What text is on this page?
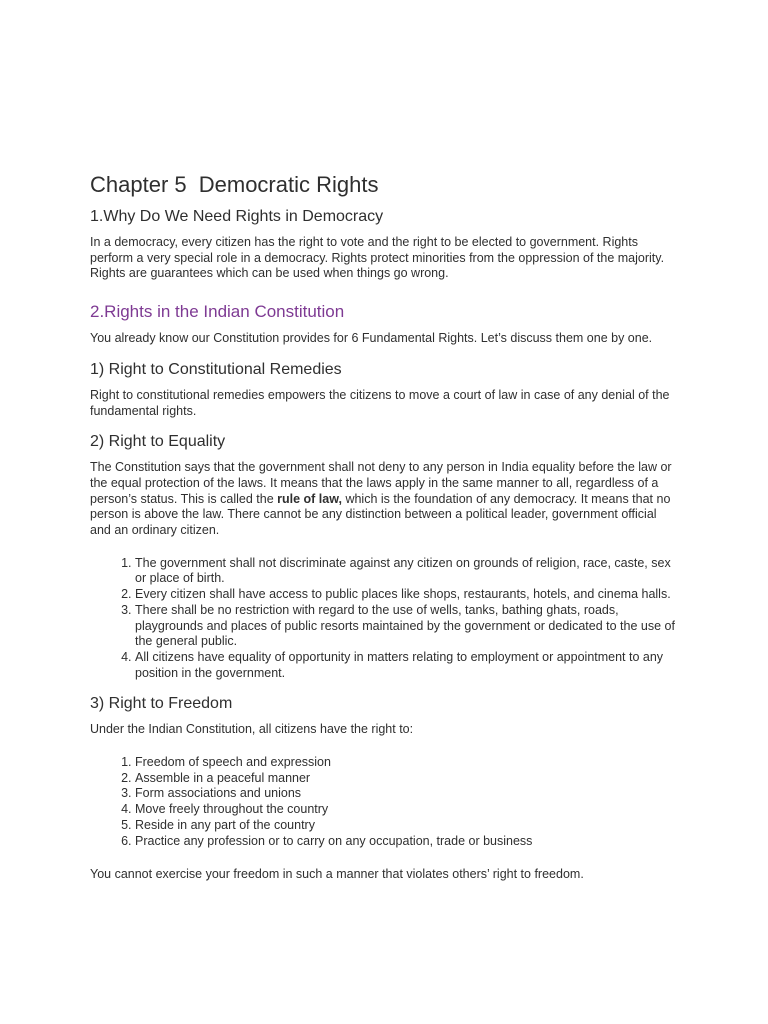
Chapter 5 Democratic Rights
1.Why Do We Need Rights in Democracy

In a democracy, every citizen has the right to vote and the right to be elected to government. Rights perform a very special role in a democracy. Rights protect minorities from the oppression of the majority. Rights are guarantees which can be used when things go wrong.

2.Rights in the Indian Constitution

You already know our Constitution provides for 6 Fundamental Rights. Let’s discuss them one by one.

1) Right to Constitutional Remedies

Right to constitutional remedies empowers the citizens to move a court of law in case of any denial of the fundamental rights.

2) Right to Equality

The Constitution says that the government shall not deny to any person in India equality before the law or the equal protection of the laws. It means that the laws apply in the same manner to all, regardless of a person’s status. This is called the rule of law, which is the foundation of any democracy. It means that no person is above the law. There cannot be any distinction between a political leader, government official and an ordinary citizen.

1. The government shall not discriminate against any citizen on grounds of religion, race, caste, sex or place of birth.
2. Every citizen shall have access to public places like shops, restaurants, hotels, and cinema halls.
3. There shall be no restriction with regard to the use of wells, tanks, bathing ghats, roads, playgrounds and places of public resorts maintained by the government or dedicated to the use of the general public.
4. All citizens have equality of opportunity in matters relating to employment or appointment to any position in the government.
3) Right to Freedom

Under the Indian Constitution, all citizens have the right to:

1. Freedom of speech and expression
2. Assemble in a peaceful manner
3. Form associations and unions
4. Move freely throughout the country
5. Reside in any part of the country
6. Practice any profession or to carry on any occupation, trade or business

You cannot exercise your freedom in such a manner that violates others’ right to freedom.
